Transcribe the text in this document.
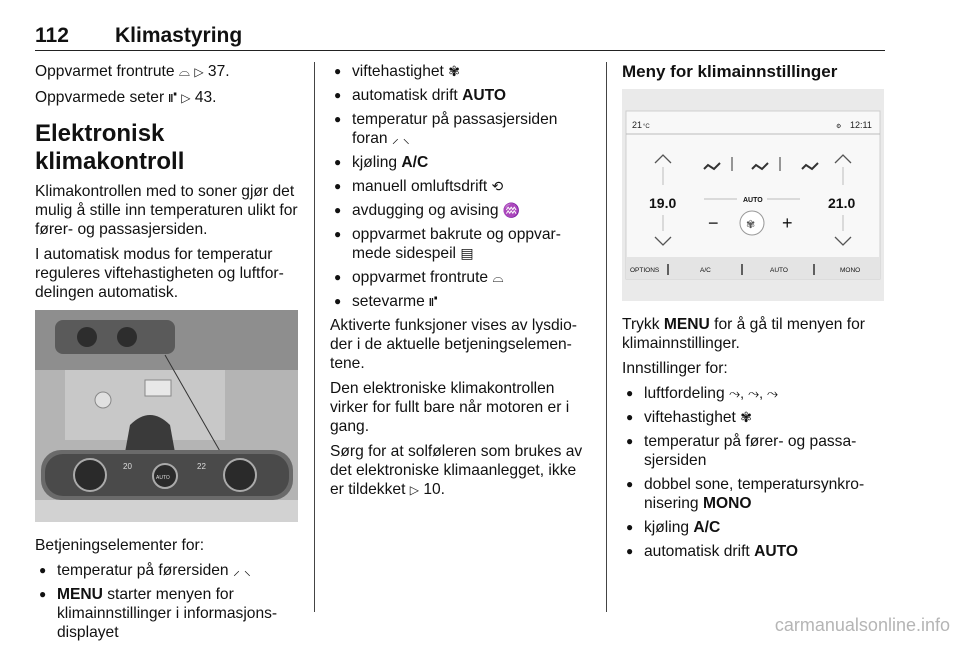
112 Klimastyring

Oppvarmet frontrute ⌓ ▷ 37.

Oppvarmede seter ⑈ ▷ 43.

Elektronisk klimakontroll

Klimakontrollen med to soner gjør det mulig å stille inn temperaturen ulikt for fører- og passasjersiden.

I automatisk modus for temperatur reguleres viftehastigheten og luftfor-delingen automatisk.

20	22
AUTO

Betjeningselementer for:

● temperatur på førersiden ⸝ ⸜
● MENU starter menyen for klimainnstillinger i informasjons-displayet
● viftehastighet ✾
● automatisk drift AUTO
● temperatur på passasjersiden foran ⸝ ⸜
● kjøling A/C
● manuell omluftsdrift ⟲
● avdugging og avising ♒
● oppvarmet bakrute og oppvar-mede sidespeil ▤
● oppvarmet frontrute ⌓
● setevarme ⑈

Aktiverte funksjoner vises av lysdio-der i de aktuelle betjeningselemen-tene.

Den elektroniske klimakontrollen virker for fullt bare når motoren er i gang.

Sørg for at solføleren som brukes av det elektroniske klimaanlegget, ikke er tildekket ▷ 10.

Meny for klimainnstillinger
21 °C	⚙ 12:11
19.0	21.0
AUTO
− ✾ +
OPTIONS	A/C	AUTO	MONO

Trykk MENU for å gå til menyen for klimainnstillinger.

Innstillinger for:

● luftfordeling ⤳, ⤳, ⤳
● viftehastighet ✾
● temperatur på fører- og passa-sjersiden
● dobbel sone, temperatursynkro-nisering MONO
● kjøling A/C
● automatisk drift AUTO
carmanualsonline.info
